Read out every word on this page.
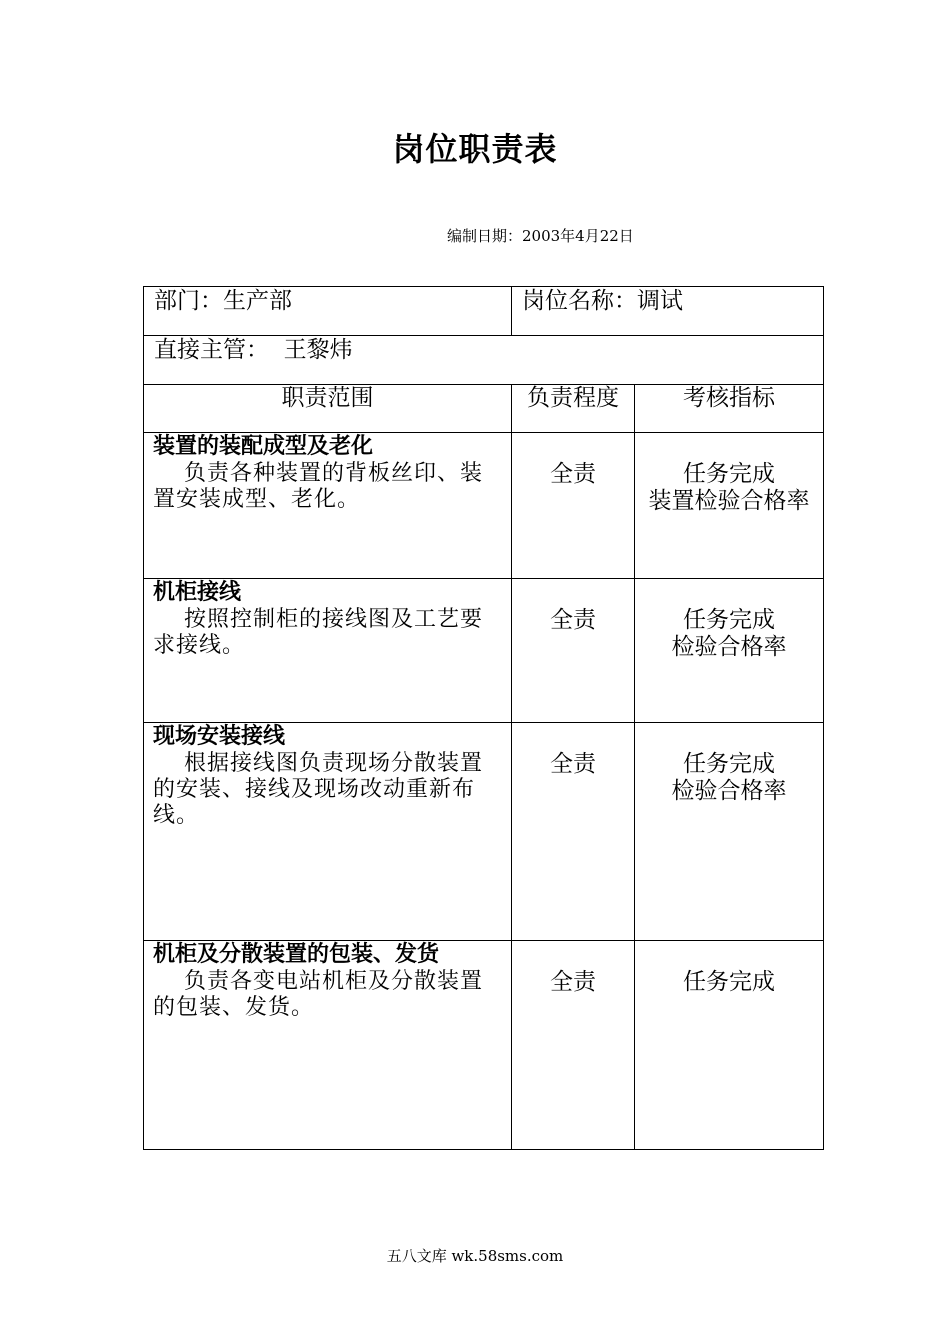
岗位职责表
编制日期：2003年4月22日
部门：生产部	岗位名称：调试
直接主管：  王黎炜
职责范围	负责程度	考核指标
装置的装配成型及老化
负责各种装置的背板丝印、装置安装成型、老化。
全责	任务完成
装置检验合格率
机柜接线
按照控制柜的接线图及工艺要求接线。
全责	任务完成
检验合格率
现场安装接线
根据接线图负责现场分散装置的安装、接线及现场改动重新布线。
全责	任务完成
检验合格率
机柜及分散装置的包装、发货
负责各变电站机柜及分散装置的包装、发货。
全责	任务完成
五八文库 wk.58sms.com
